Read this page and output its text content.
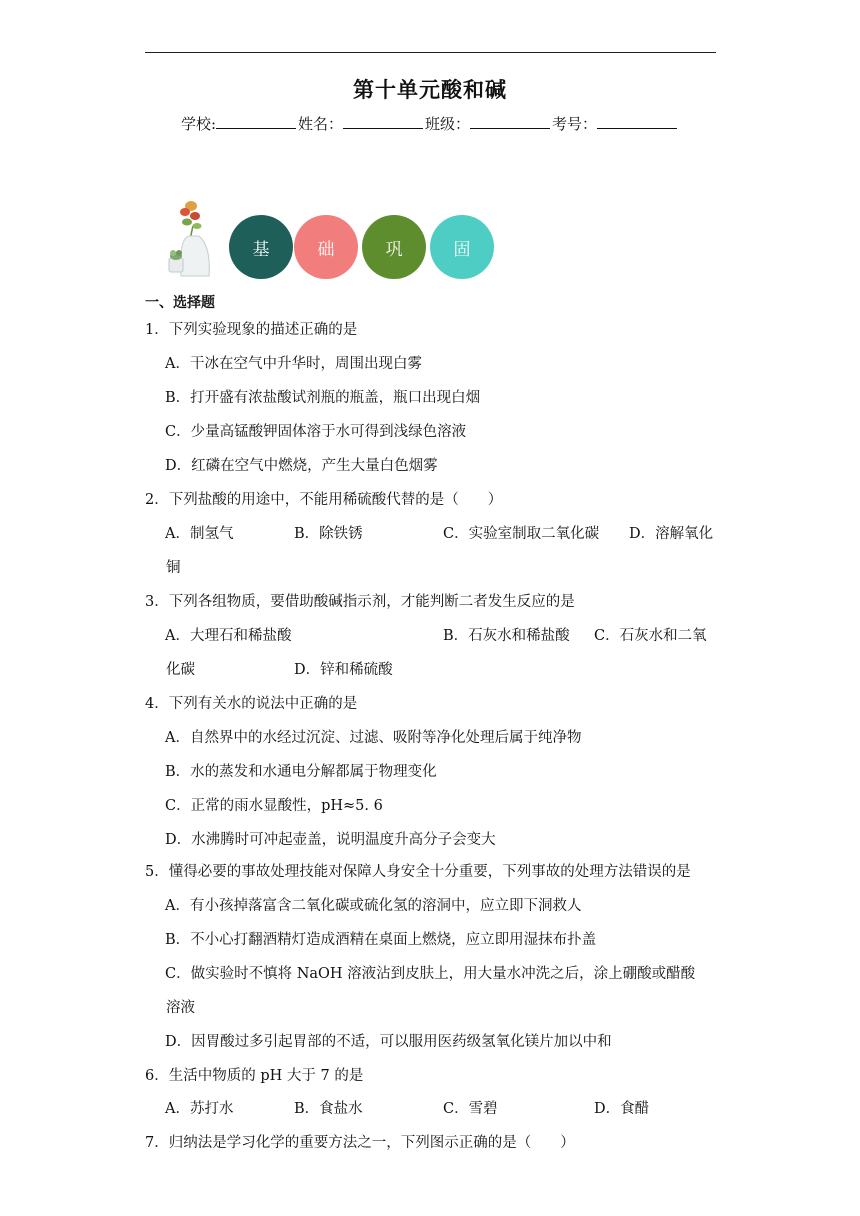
第十单元酸和碱
学校:	姓名：	班级：	考号：
基	础	巩	固
一、选择题
1．下列实验现象的描述正确的是
A．干冰在空气中升华时，周围出现白雾
B．打开盛有浓盐酸试剂瓶的瓶盖，瓶口出现白烟
C．少量高锰酸钾固体溶于水可得到浅绿色溶液
D．红磷在空气中燃烧，产生大量白色烟雾
2．下列盐酸的用途中，不能用稀硫酸代替的是（　　）
A．制氢气	B．除铁锈	C．实验室制取二氧化碳 D．溶解氧化
铜
3．下列各组物质，要借助酸碱指示剂，才能判断二者发生反应的是
A．大理石和稀盐酸	B．石灰水和稀盐酸 C．石灰水和二氧
化碳	D．锌和稀硫酸
4．下列有关水的说法中正确的是
A．自然界中的水经过沉淀、过滤、吸附等净化处理后属于纯净物
B．水的蒸发和水通电分解都属于物理变化
C．正常的雨水显酸性，pH≈5. 6
D．水沸腾时可冲起壶盖，说明温度升高分子会变大
5．懂得必要的事故处理技能对保障人身安全十分重要，下列事故的处理方法错误的是
A．有小孩掉落富含二氧化碳或硫化氢的溶洞中，应立即下洞救人
B．不小心打翻酒精灯造成酒精在桌面上燃烧，应立即用湿抹布扑盖
C．做实验时不慎将 NaOH 溶液沾到皮肤上，用大量水冲洗之后，涂上硼酸或醋酸
溶液
D．因胃酸过多引起胃部的不适，可以服用医药级氢氧化镁片加以中和
6．生活中物质的 pH 大于 7 的是
A．苏打水	B．食盐水	C．雪碧	D．食醋
7．归纳法是学习化学的重要方法之一，下列图示正确的是（　　）
